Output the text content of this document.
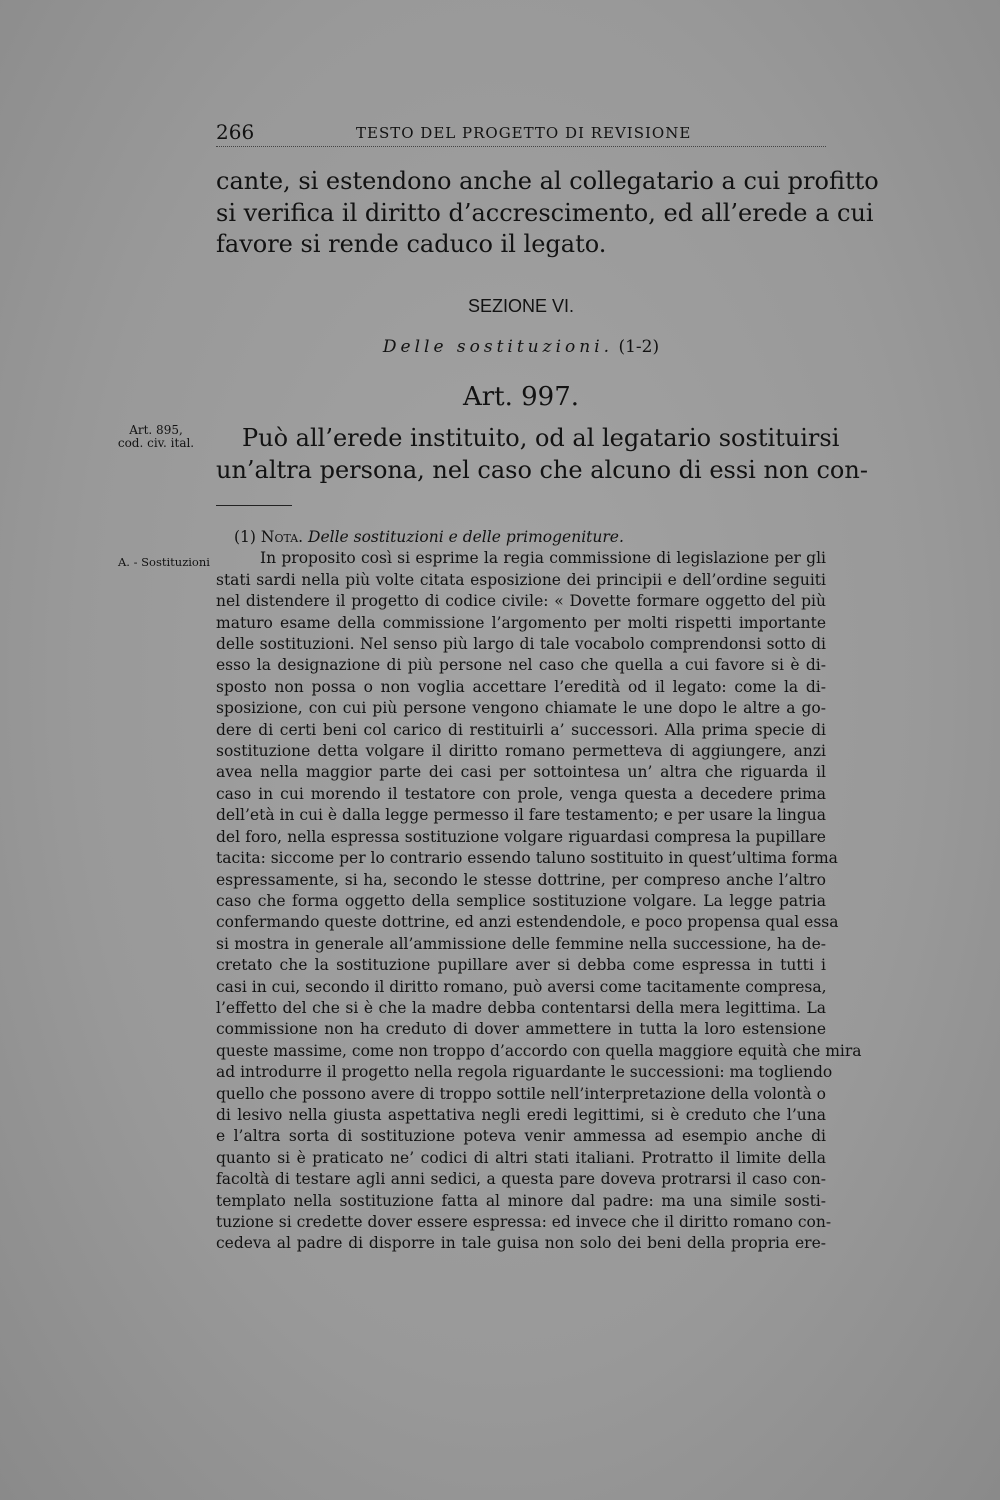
266	TESTO DEL PROGETTO DI REVISIONE
cante, si estendono anche al collegatario a cui profitto
si verifica il diritto d’accrescimento, ed all’erede a cui
favore si rende caduco il legato.
SEZIONE VI.
Delle sostituzioni. (1-2)
Art. 997.
Art. 895,
cod. civ. ital.	Può all’erede instituito, od al legatario sostituirsi
un’altra persona, nel caso che alcuno di essi non con-
A. - Sostituzioni
(1) Nota. Delle sostituzioni e delle primogeniture.
In proposito così si esprime la regia commissione di legislazione per gli
stati sardi nella più volte citata esposizione dei principii e dell’ordine seguiti
nel distendere il progetto di codice civile: « Dovette formare oggetto del più
maturo esame della commissione l’argomento per molti rispetti importante
delle sostituzioni. Nel senso più largo di tale vocabolo comprendonsi sotto di
esso la designazione di più persone nel caso che quella a cui favore si è di-
sposto non possa o non voglia accettare l’eredità od il legato: come la di-
sposizione, con cui più persone vengono chiamate le une dopo le altre a go-
dere di certi beni col carico di restituirli a’ successori. Alla prima specie di
sostituzione detta volgare il diritto romano permetteva di aggiungere, anzi
avea nella maggior parte dei casi per sottointesa un’ altra che riguarda il
caso in cui morendo il testatore con prole, venga questa a decedere prima
dell’età in cui è dalla legge permesso il fare testamento; e per usare la lingua
del foro, nella espressa sostituzione volgare riguardasi compresa la pupillare
tacita: siccome per lo contrario essendo taluno sostituito in quest’ultima forma
espressamente, si ha, secondo le stesse dottrine, per compreso anche l’altro
caso che forma oggetto della semplice sostituzione volgare. La legge patria
confermando queste dottrine, ed anzi estendendole, e poco propensa qual essa
si mostra in generale all’ammissione delle femmine nella successione, ha de-
cretato che la sostituzione pupillare aver si debba come espressa in tutti i
casi in cui, secondo il diritto romano, può aversi come tacitamente compresa,
l’effetto del che si è che la madre debba contentarsi della mera legittima. La
commissione non ha creduto di dover ammettere in tutta la loro estensione
queste massime, come non troppo d’accordo con quella maggiore equità che mira
ad introdurre il progetto nella regola riguardante le successioni: ma togliendo
quello che possono avere di troppo sottile nell’interpretazione della volontà o
di lesivo nella giusta aspettativa negli eredi legittimi, si è creduto che l’una
e l’altra sorta di sostituzione poteva venir ammessa ad esempio anche di
quanto si è praticato ne’ codici di altri stati italiani. Protratto il limite della
facoltà di testare agli anni sedici, a questa pare doveva protrarsi il caso con-
templato nella sostituzione fatta al minore dal padre: ma una simile sosti-
tuzione si credette dover essere espressa: ed invece che il diritto romano con-
cedeva al padre di disporre in tale guisa non solo dei beni della propria ere-
